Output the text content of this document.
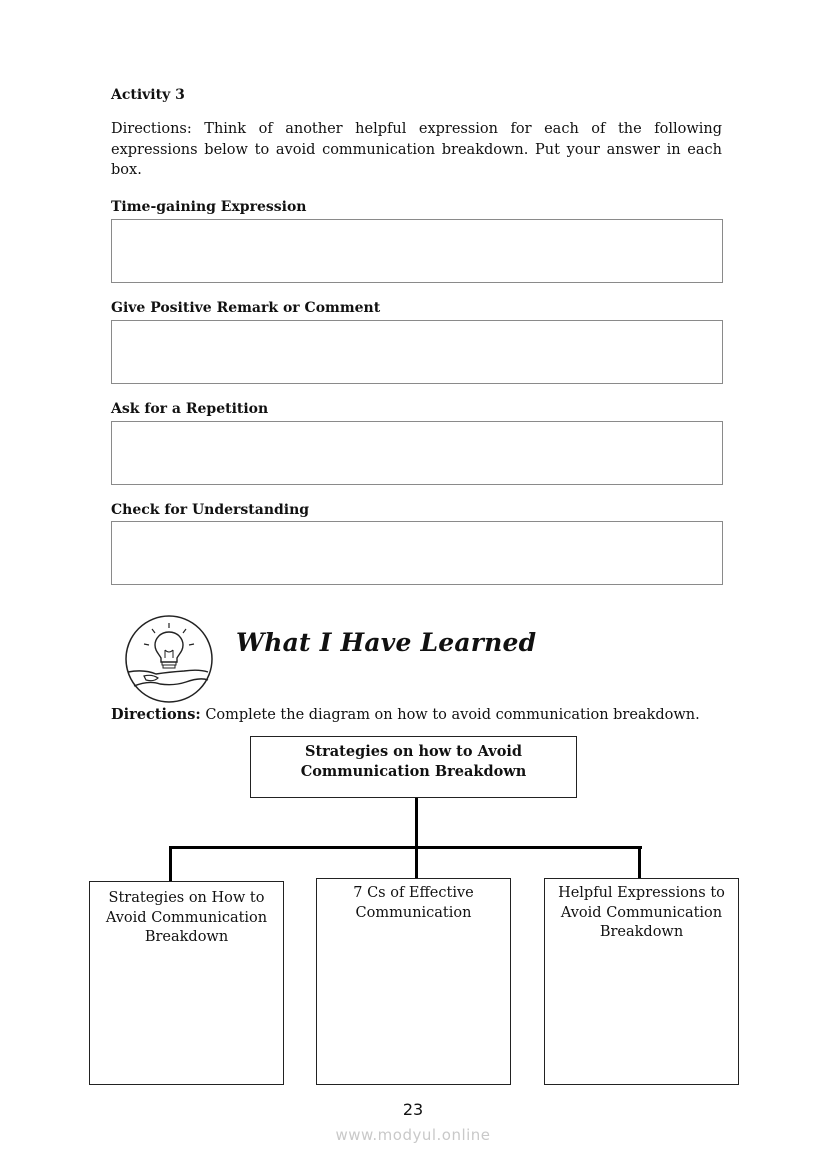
Activity 3
Directions: Think of another helpful expression for each of the following expressions below to avoid communication breakdown. Put your answer in each box.
Time-gaining Expression
Give Positive Remark or Comment
Ask for a Repetition
Check for Understanding
What I Have Learned
Directions: Complete the diagram on how to avoid communication breakdown.
Strategies on how to Avoid Communication Breakdown
Strategies on How to Avoid Communication Breakdown
7 Cs of Effective Communication
Helpful Expressions to Avoid Communication Breakdown
23
www.modyul.online
